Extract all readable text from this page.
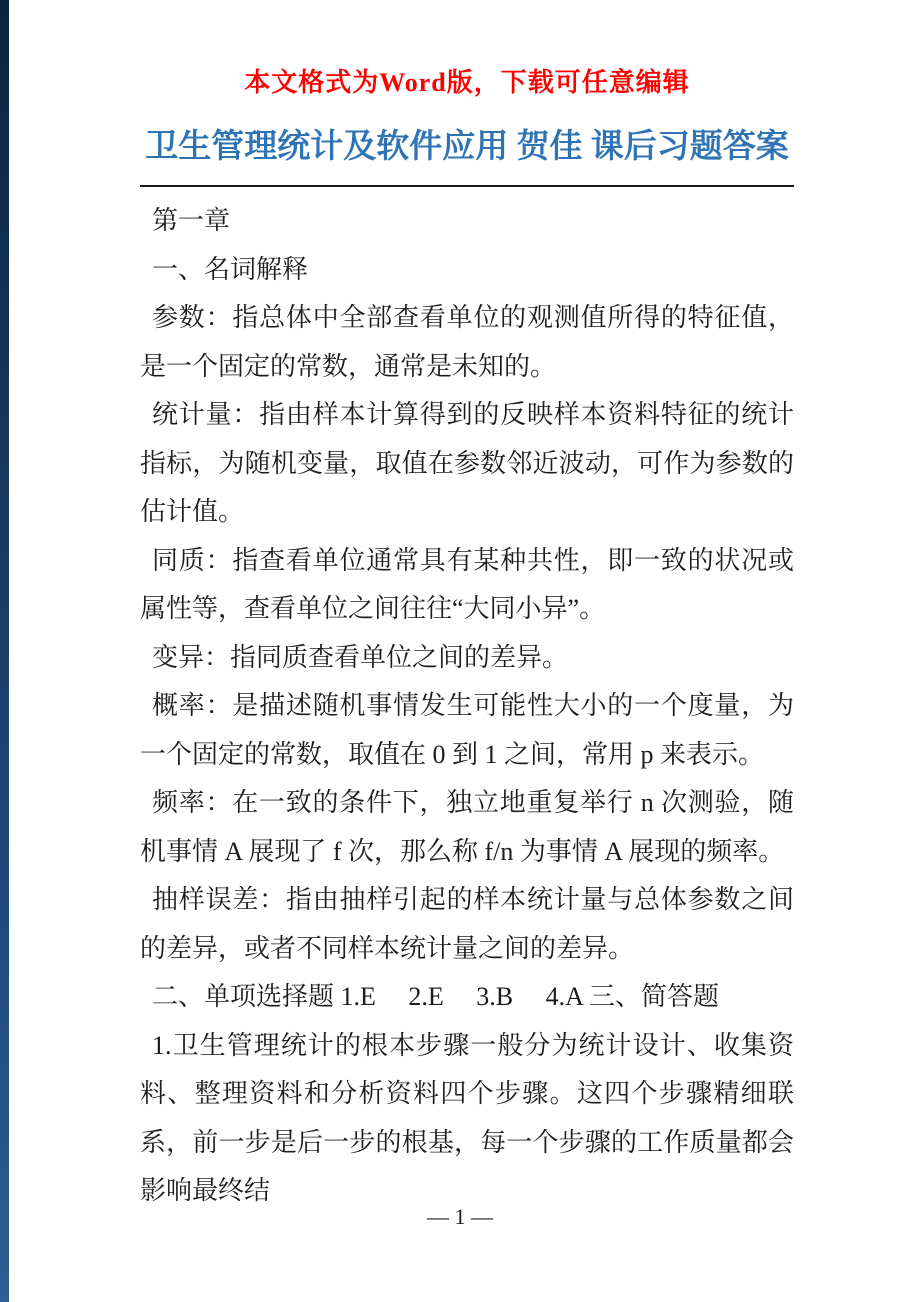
本文格式为Word版，下载可任意编辑
卫生管理统计及软件应用 贺佳 课后习题答案

第一章

一、名词解释

参数：指总体中全部查看单位的观测值所得的特征值，是一个固定的常数，通常是未知的。

统计量：指由样本计算得到的反映样本资料特征的统计指标，为随机变量，取值在参数邻近波动，可作为参数的估计值。

同质：指查看单位通常具有某种共性，即一致的状况或属性等，查看单位之间往往“大同小异”。

变异：指同质查看单位之间的差异。

概率：是描述随机事情发生可能性大小的一个度量，为一个固定的常数，取值在 0 到 1 之间，常用 p 来表示。

频率：在一致的条件下，独立地重复举行 n 次测验，随机事情 A 展现了 f 次，那么称 f/n 为事情 A 展现的频率。

抽样误差：指由抽样引起的样本统计量与总体参数之间的差异，或者不同样本统计量之间的差异。

二、单项选择题 1.E　 2.E　 3.B　 4.A 三、简答题

1.卫生管理统计的根本步骤一般分为统计设计、收集资料、整理资料和分析资料四个步骤。这四个步骤精细联系，前一步是后一步的根基，每一个步骤的工作质量都会影响最终结

— 1 —
